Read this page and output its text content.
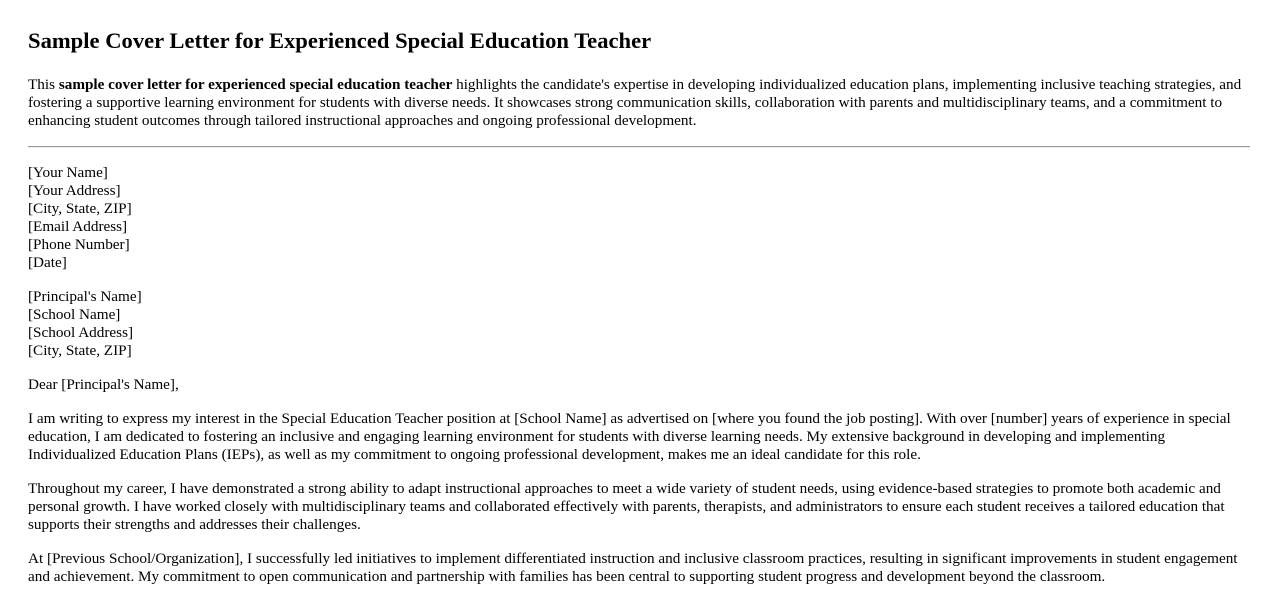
Sample Cover Letter for Experienced Special Education Teacher

This sample cover letter for experienced special education teacher highlights the candidate's expertise in developing individualized education plans, implementing inclusive teaching strategies, and fostering a supportive learning environment for students with diverse needs. It showcases strong communication skills, collaboration with parents and multidisciplinary teams, and a commitment to enhancing student outcomes through tailored instructional approaches and ongoing professional development.

[Your Name]
[Your Address]
[City, State, ZIP]
[Email Address]
[Phone Number]
[Date]
[Principal's Name]
[School Name]
[School Address]
[City, State, ZIP]

Dear [Principal's Name],

I am writing to express my interest in the Special Education Teacher position at [School Name] as advertised on [where you found the job posting]. With over [number] years of experience in special education, I am dedicated to fostering an inclusive and engaging learning environment for students with diverse learning needs. My extensive background in developing and implementing Individualized Education Plans (IEPs), as well as my commitment to ongoing professional development, makes me an ideal candidate for this role.

Throughout my career, I have demonstrated a strong ability to adapt instructional approaches to meet a wide variety of student needs, using evidence-based strategies to promote both academic and personal growth. I have worked closely with multidisciplinary teams and collaborated effectively with parents, therapists, and administrators to ensure each student receives a tailored education that supports their strengths and addresses their challenges.

At [Previous School/Organization], I successfully led initiatives to implement differentiated instruction and inclusive classroom practices, resulting in significant improvements in student engagement and achievement. My commitment to open communication and partnership with families has been central to supporting student progress and development beyond the classroom.
